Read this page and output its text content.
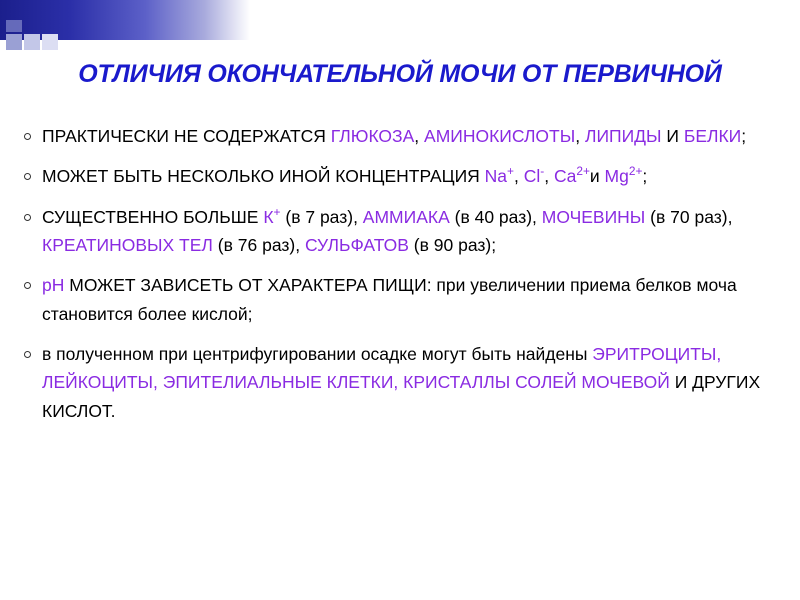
ОТЛИЧИЯ ОКОНЧАТЕЛЬНОЙ МОЧИ ОТ ПЕРВИЧНОЙ
ПРАКТИЧЕСКИ НЕ СОДЕРЖАТСЯ ГЛЮКОЗА, АМИНОКИСЛОТЫ, ЛИПИДЫ И БЕЛКИ;
МОЖЕТ БЫТЬ НЕСКОЛЬКО ИНОЙ КОНЦЕНТРАЦИЯ Na+, Cl-, $Ca^{2+}и$ $Mg^{2+}$;
СУЩЕСТВЕННО БОЛЬШЕ К+ (в 7 раз), АММИАКА (в 40 раз), МОЧЕВИНЫ (в 70 раз), КРЕАТИНОВЫХ ТЕЛ (в 76 раз), СУЛЬФАТОВ (в 90 раз);
рН МОЖЕТ ЗАВИСЕТЬ ОТ ХАРАКТЕРА ПИЩИ: при увеличении приема белков моча становится более кислой;
в полученном при центрифугировании осадке могут быть найдены ЭРИТРОЦИТЫ, ЛЕЙКОЦИТЫ, ЭПИТЕЛИАЛЬНЫЕ КЛЕТКИ, КРИСТАЛЛЫ СОЛЕЙ МОЧЕВОЙ И ДРУГИХ КИСЛОТ.
